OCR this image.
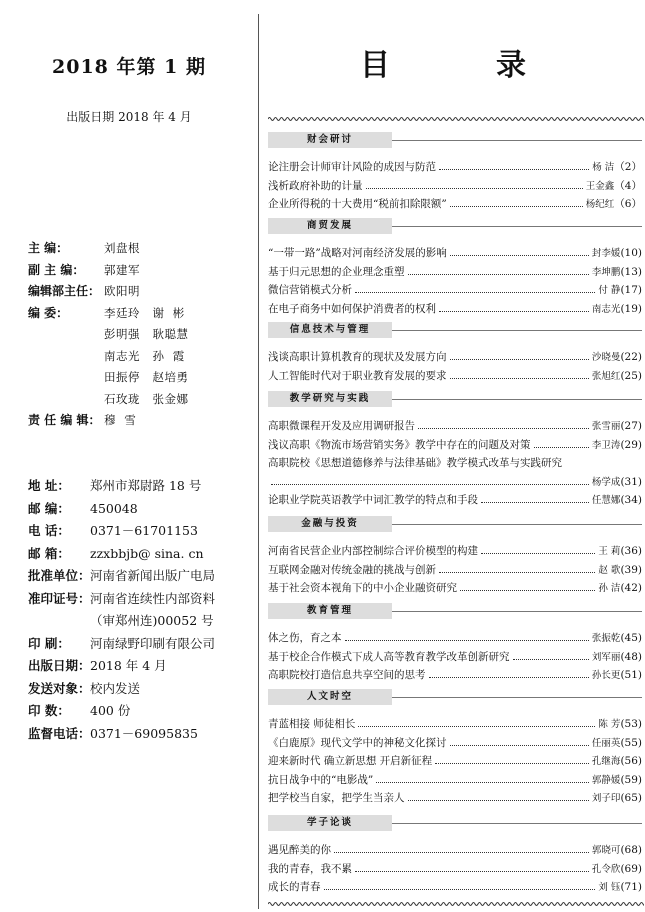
2018 年第 1 期
出版日期 2018 年 4 月
主 编：	刘盘根
副 主 编：	郭建军
编辑部主任： 欧阳明
编 委：	李廷玲   谢  彬
彭明强   耿聪慧
南志光   孙  霞
田振停   赵培勇
石玫珑   张金娜
责 任 编 辑： 穆  雪
地 址：	郑州市郑尉路 18 号
邮 编：	450048
电 话：	0371－61701153
邮 箱：	zzxbbjb@ sina. cn
批准单位： 河南省新闻出版广电局
准印证号： 河南省连续性内部资料
（审郑州连)00052 号
印 刷：	河南绿野印刷有限公司
出版日期： 2018 年 4 月
发送对象： 校内发送
印 数：	400 份
监督电话： 0371－69095835
目	录
财会研讨
论注册会计师审计风险的成因与防范	杨 洁 （2）
浅析政府补助的计量	王金鑫 （4）
企业所得税的十大费用“税前扣除限额”	杨纪红 （6）
商贸发展
“一带一路”战略对河南经济发展的影响	封李媛 (10)
基于归元思想的企业理念重塑	李坤鹏 (13)
微信营销模式分析	付 静 (17)
在电子商务中如何保护消费者的权利	南志光 (19)
信息技术与管理
浅谈高职计算机教育的现状及发展方向	沙晓曼 (22)
人工智能时代对于职业教育发展的要求	张旭红 (25)
教学研究与实践
高职微课程开发及应用调研报告	张雪丽 (27)
浅议高职《物流市场营销实务》教学中存在的问题及对策	李卫涛 (29)
高职院校《思想道德修养与法律基础》教学模式改革与实践研究
杨学成 (31)
论职业学院英语教学中词汇教学的特点和手段	任慧娜 (34)
金融与投资
河南省民营企业内部控制综合评价模型的构建	王 莉 (36)
互联网金融对传统金融的挑战与创新	赵 歌 (39)
基于社会资本视角下的中小企业融资研究	孙 洁 (42)
教育管理
体之伤，育之本	张振乾 (45)
基于校企合作模式下成人高等教育教学改革创新研究	刘军丽 (48)
高职院校打造信息共享空间的思考	孙长更 (51)
人文时空
青蓝相接 师徒相长	陈 芳 (53)
《白鹿原》现代文学中的神秘文化探讨	任丽英 (55)
迎来新时代 确立新思想 开启新征程	孔继海 (56)
抗日战争中的“电影战”	郭静媛 (59)
把学校当自家，把学生当亲人	刘子印 (65)
学子论谈
遇见醉美的你	郭晓可 (68)
我的青春，我不累	孔令欣 (69)
成长的青春	刘 钰 (71)
